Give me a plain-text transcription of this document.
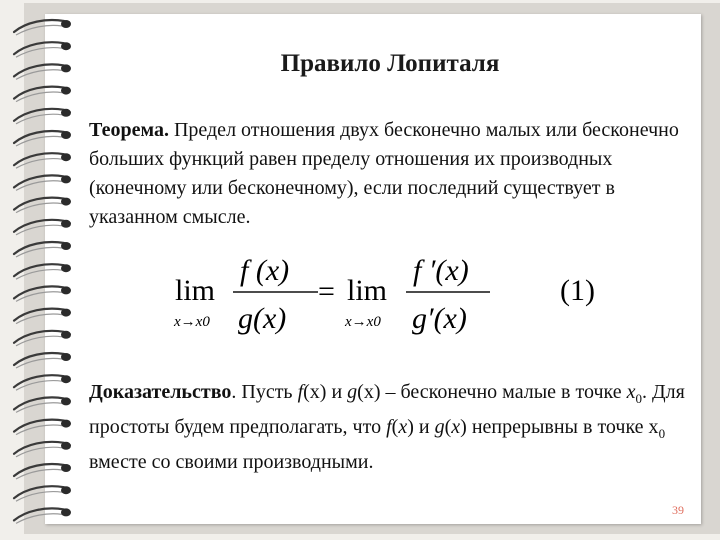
Правило Лопиталя
Теорема. Предел отношения двух бесконечно малых или бесконечно больших функций равен пределу отношения их производных (конечному или бесконечному), если последний существует в указанном смысле.
lim
x→x0
f (x)
g(x)
= lim
x→x0
f ′(x)
g′(x)
(1)
Доказательство. Пусть f(x) и g(x) – бесконечно малые в точке $x_0$. Для простоты будем предполагать, что f(x) и g(x) непрерывны в точке $x_0$ вместе со своими производными.
39
